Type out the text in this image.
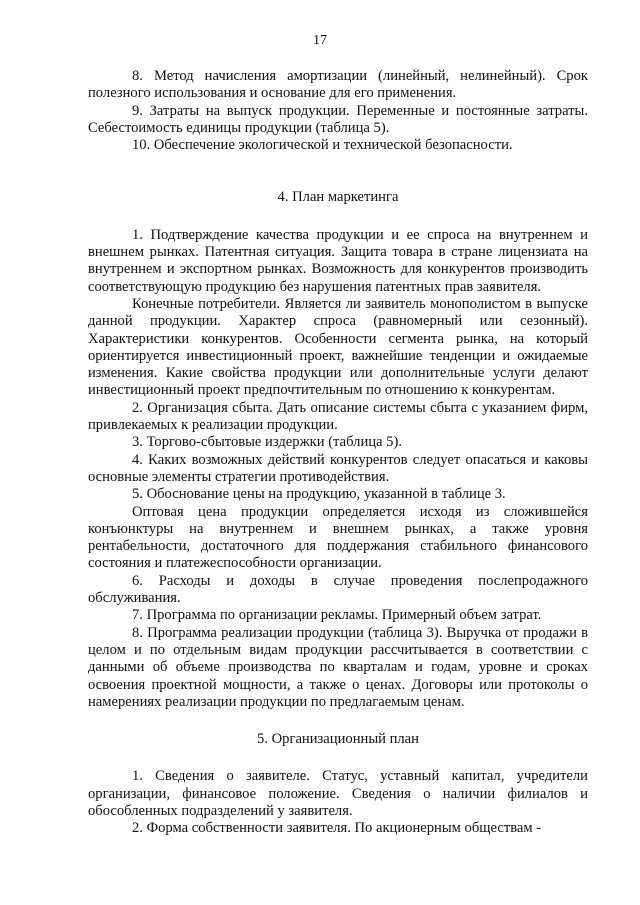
17

8. Метод начисления амортизации (линейный, нелинейный). Срок полезного использования и основание для его применения.

9. Затраты на выпуск продукции. Переменные и постоянные затраты. Себестоимость единицы продукции (таблица 5).

10. Обеспечение экологической и технической безопасности.

4. План маркетинга

1. Подтверждение качества продукции и ее спроса на внутреннем и внешнем рынках. Патентная ситуация. Защита товара в стране лицензиата на внутреннем и экспортном рынках. Возможность для конкурентов производить соответствующую продукцию без нарушения патентных прав заявителя.

Конечные потребители. Является ли заявитель монополистом в выпуске данной продукции. Характер спроса (равномерный или сезонный). Характеристики конкурентов. Особенности сегмента рынка, на который ориентируется инвестиционный проект, важнейшие тенденции и ожидаемые изменения. Какие свойства продукции или дополнительные услуги делают инвестиционный проект предпочтительным по отношению к конкурентам.

2. Организация сбыта. Дать описание системы сбыта с указанием фирм, привлекаемых к реализации продукции.

3. Торгово-сбытовые издержки (таблица 5).

4. Каких возможных действий конкурентов следует опасаться и каковы основные элементы стратегии противодействия.

5. Обоснование цены на продукцию, указанной в таблице 3.

Оптовая цена продукции определяется исходя из сложившейся конъюнктуры на внутреннем и внешнем рынках, а также уровня рентабельности, достаточного для поддержания стабильного финансового состояния и платежеспособности организации.

6. Расходы и доходы в случае проведения послепродажного обслуживания.

7. Программа по организации рекламы. Примерный объем затрат.

8. Программа реализации продукции (таблица 3). Выручка от продажи в целом и по отдельным видам продукции рассчитывается в соответствии с данными об объеме производства по кварталам и годам, уровне и сроках освоения проектной мощности, а также о ценах. Договоры или протоколы о намерениях реализации продукции по предлагаемым ценам.

5. Организационный план

1. Сведения о заявителе. Статус, уставный капитал, учредители организации, финансовое положение. Сведения о наличии филиалов и обособленных подразделений у заявителя.

2. Форма собственности заявителя. По акционерным обществам -
